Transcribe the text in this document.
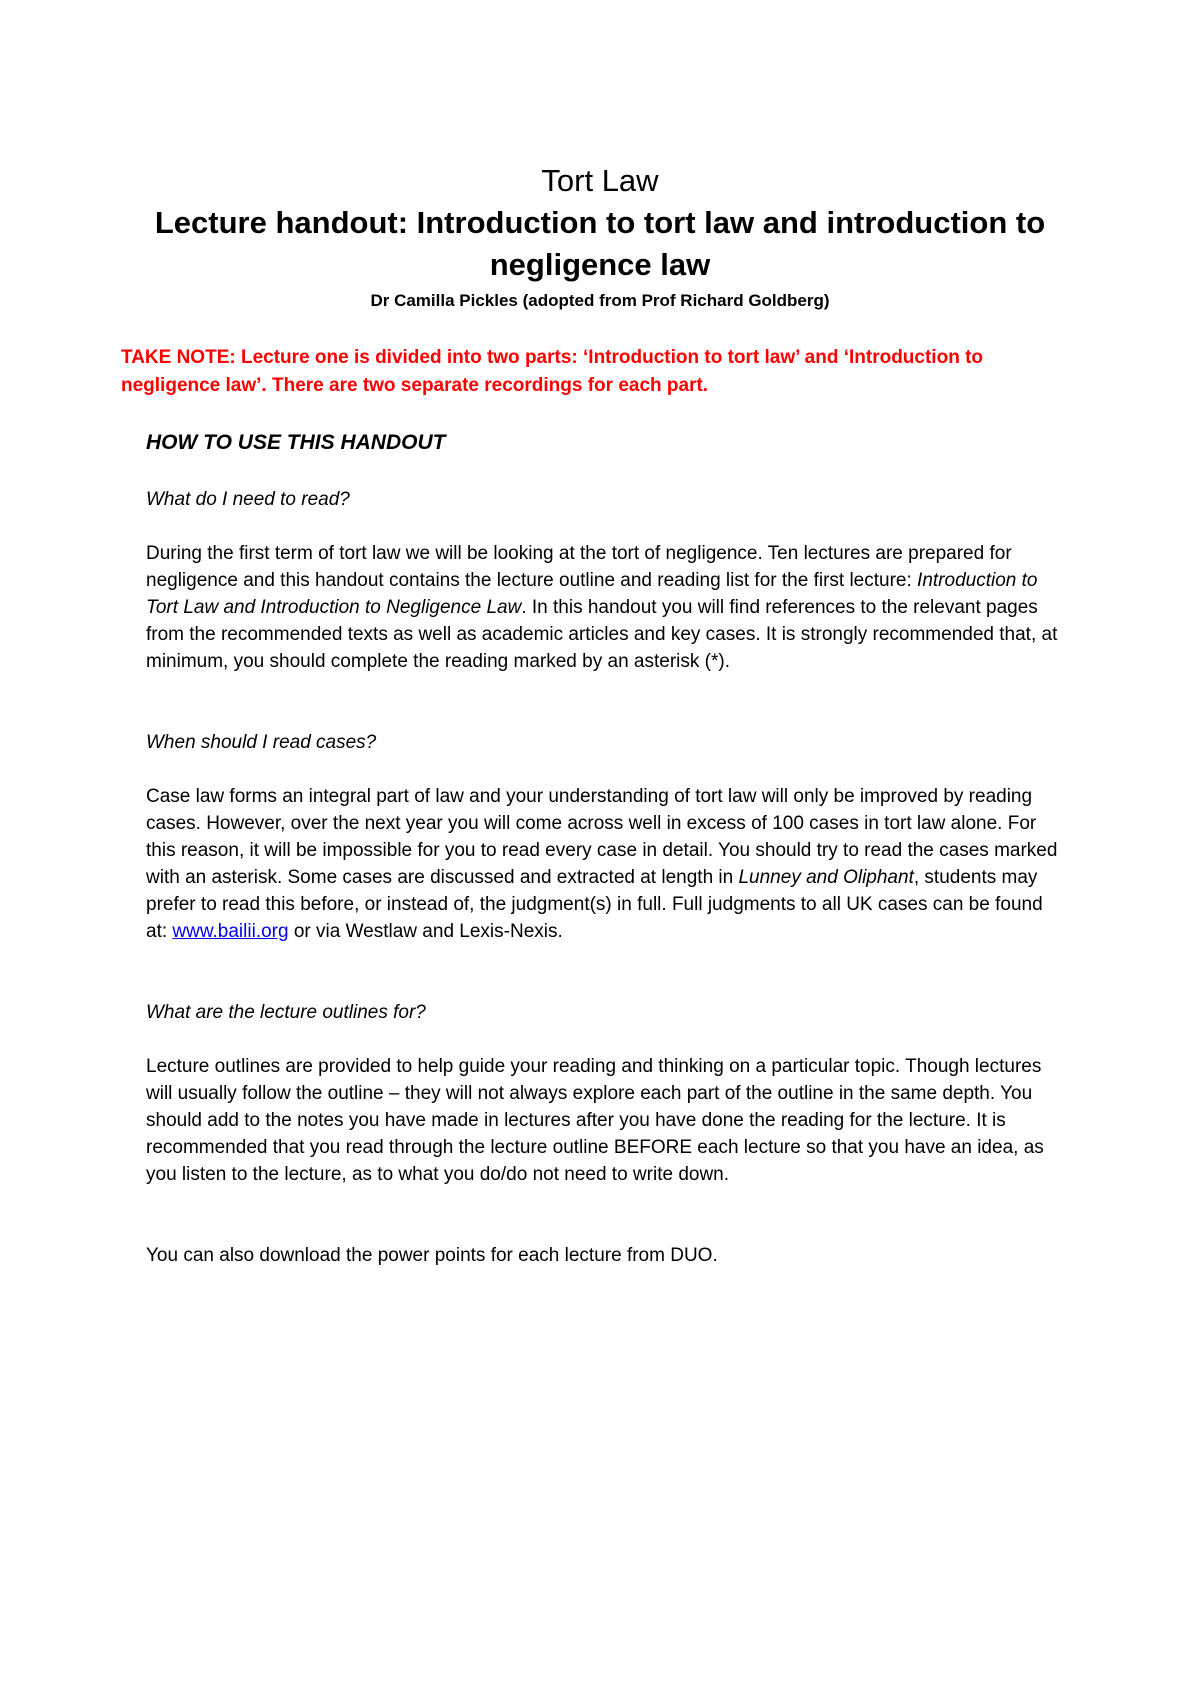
Tort Law

Lecture handout: Introduction to tort law and introduction to negligence law

Dr Camilla Pickles (adopted from Prof Richard Goldberg)
TAKE NOTE: Lecture one is divided into two parts: ‘Introduction to tort law’ and ‘Introduction to negligence law’. There are two separate recordings for each part.

HOW TO USE THIS HANDOUT

What do I need to read?

During the first term of tort law we will be looking at the tort of negligence. Ten lectures are prepared for negligence and this handout contains the lecture outline and reading list for the first lecture: Introduction to Tort Law and Introduction to Negligence Law. In this handout you will find references to the relevant pages from the recommended texts as well as academic articles and key cases. It is strongly recommended that, at minimum, you should complete the reading marked by an asterisk (*).

When should I read cases?

Case law forms an integral part of law and your understanding of tort law will only be improved by reading cases. However, over the next year you will come across well in excess of 100 cases in tort law alone. For this reason, it will be impossible for you to read every case in detail. You should try to read the cases marked with an asterisk. Some cases are discussed and extracted at length in Lunney and Oliphant, students may prefer to read this before, or instead of, the judgment(s) in full. Full judgments to all UK cases can be found at: www.bailii.org or via Westlaw and Lexis-Nexis.

What are the lecture outlines for?

Lecture outlines are provided to help guide your reading and thinking on a particular topic. Though lectures will usually follow the outline – they will not always explore each part of the outline in the same depth. You should add to the notes you have made in lectures after you have done the reading for the lecture. It is recommended that you read through the lecture outline BEFORE each lecture so that you have an idea, as you listen to the lecture, as to what you do/do not need to write down.

You can also download the power points for each lecture from DUO.
